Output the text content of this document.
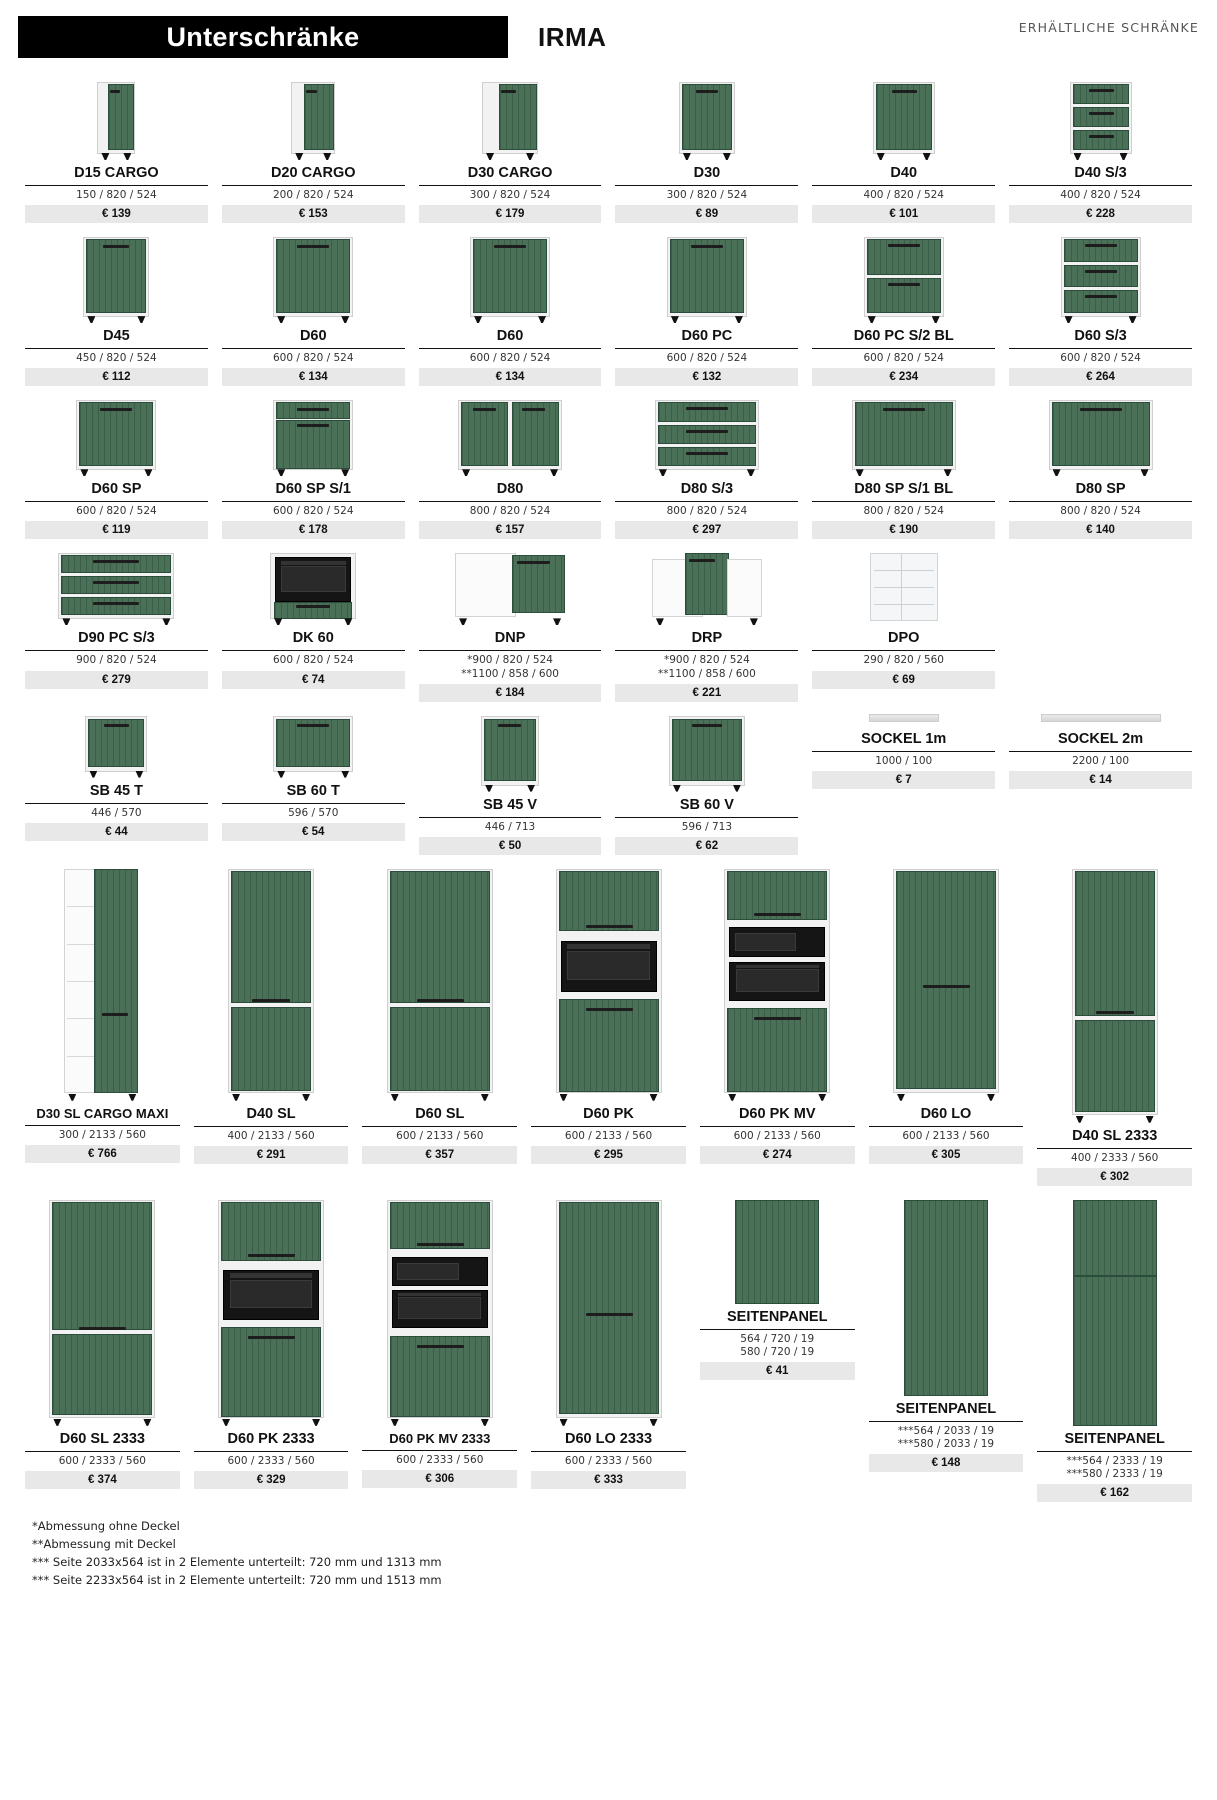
Unterschränke	IRMA	ERHÄLTLICHE SCHRÄNKE
D15 CARGO
150 / 820 / 524
€ 139
D20 CARGO
200 / 820 / 524
€ 153
D30 CARGO
300 / 820 / 524
€ 179
D30
300 / 820 / 524
€ 89
D40
400 / 820 / 524
€ 101
D40 S/3
400 / 820 / 524
€ 228
D45
450 / 820 / 524
€ 112
D60
600 / 820 / 524
€ 134
D60
600 / 820 / 524
€ 134
D60 PC
600 / 820 / 524
€ 132
D60 PC S/2 BL
600 / 820 / 524
€ 234
D60 S/3
600 / 820 / 524
€ 264
D60 SP
600 / 820 / 524
€ 119
D60 SP S/1
600 / 820 / 524
€ 178
D80
800 / 820 / 524
€ 157
D80 S/3
800 / 820 / 524
€ 297
D80 SP S/1 BL
800 / 820 / 524
€ 190
D80 SP
800 / 820 / 524
€ 140
D90 PC S/3
900 / 820 / 524
€ 279
DK 60
600 / 820 / 524
€ 74
DNP
*900 / 820 / 524
**1100 / 858 / 600
€ 184
DRP
*900 / 820 / 524
**1100 / 858 / 600
€ 221
DPO
290 / 820 / 560
€ 69
SB 45 T
446 / 570
€ 44
SB 60 T
596 / 570
€ 54
SB 45 V
446 / 713
€ 50
SB 60 V
596 / 713
€ 62
SOCKEL 1m
1000 / 100
€ 7
SOCKEL 2m
2200 / 100
€ 14
D30 SL CARGO MAXI
300 / 2133 / 560
€ 766
D40 SL
400 / 2133 / 560
€ 291
D60 SL
600 / 2133 / 560
€ 357
D60 PK
600 / 2133 / 560
€ 295
D60 PK MV
600 / 2133 / 560
€ 274
D60 LO
600 / 2133 / 560
€ 305
D40 SL 2333
400 / 2333 / 560
€ 302
D60 SL 2333
600 / 2333 / 560
€ 374
D60 PK 2333
600 / 2333 / 560
€ 329
D60 PK MV 2333
600 / 2333 / 560
€ 306
D60 LO 2333
600 / 2333 / 560
€ 333
SEITENPANEL
564 / 720 / 19
580 / 720 / 19
€ 41
SEITENPANEL
***564 / 2033 / 19
***580 / 2033 / 19
€ 148
SEITENPANEL
***564 / 2333 / 19
***580 / 2333 / 19
€ 162
*Abmessung ohne Deckel
**Abmessung mit Deckel
*** Seite 2033x564 ist in 2 Elemente unterteilt: 720 mm und 1313 mm
*** Seite 2233x564 ist in 2 Elemente unterteilt: 720 mm und 1513 mm
